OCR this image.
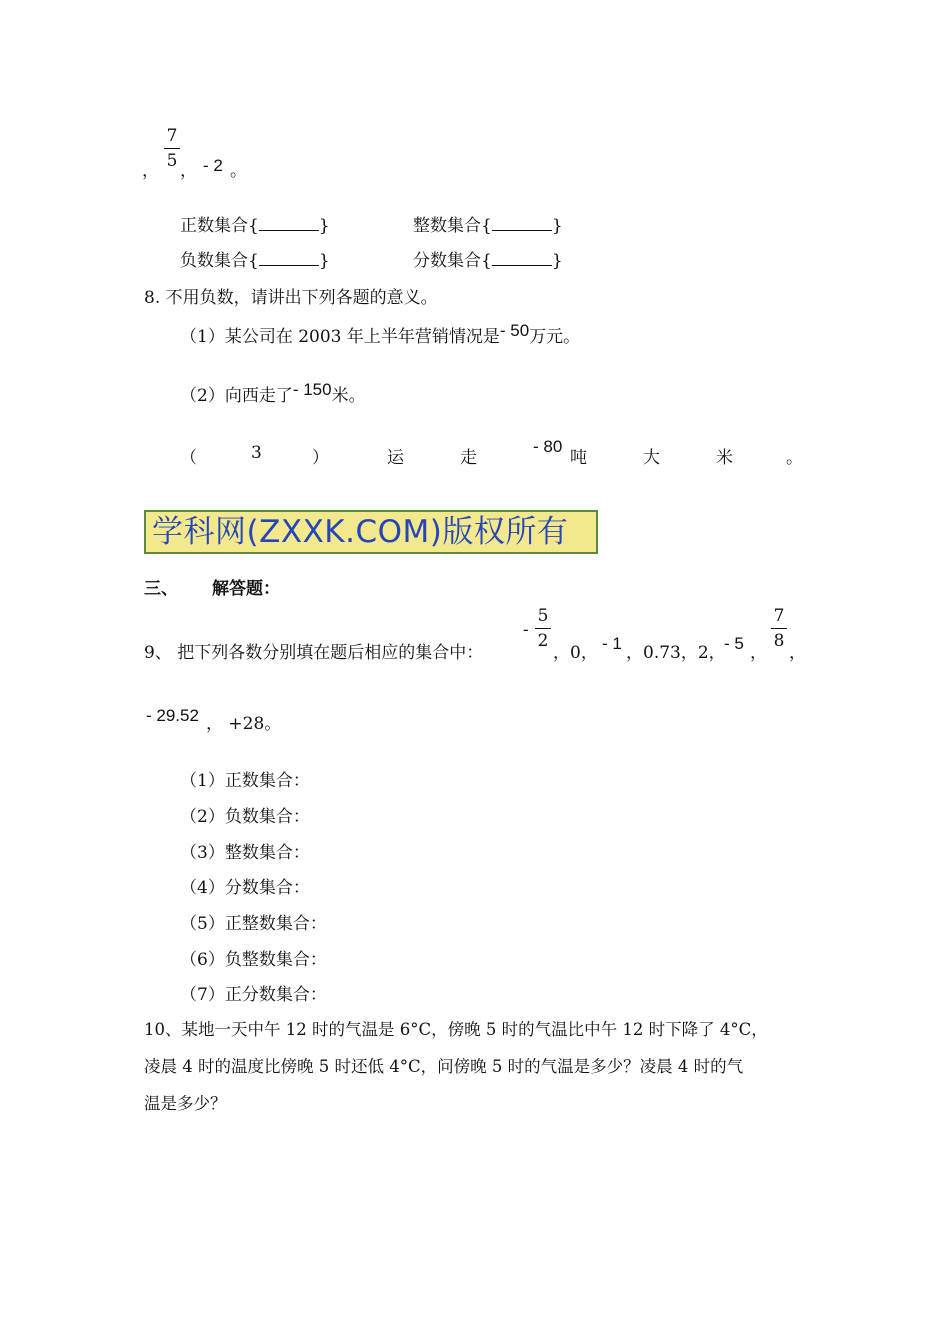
7
5
， ， - 2 。
正数集合{	}	整数集合{	}
负数集合{	}	分数集合{	}
8. 不用负数，请讲出下列各题的意义。
（1）某公司在 2003 年上半年营销情况是- 50万元。
（2）向西走了- 150米。
（	3	）	运	走
- 80
吨	大	米	。
学科网(ZXXK.COM)版权所有
三、 解答题：
9、 把下列各数分别填在题后相应的集合中：
-
5
2
，0， - 1 ，0.73，2，
- 5 ，
7
8
，
- 29.52 ， +28。
（1）正数集合：
（2）负数集合：
（3）整数集合：
（4）分数集合：
（5）正整数集合：
（6）负整数集合：
（7）正分数集合：
10、某地一天中午 12 时的气温是 6°C，傍晚 5 时的气温比中午 12 时下降了 4°C，
凌晨 4 时的温度比傍晚 5 时还低 4°C，问傍晚 5 时的气温是多少？凌晨 4 时的气
温是多少？
